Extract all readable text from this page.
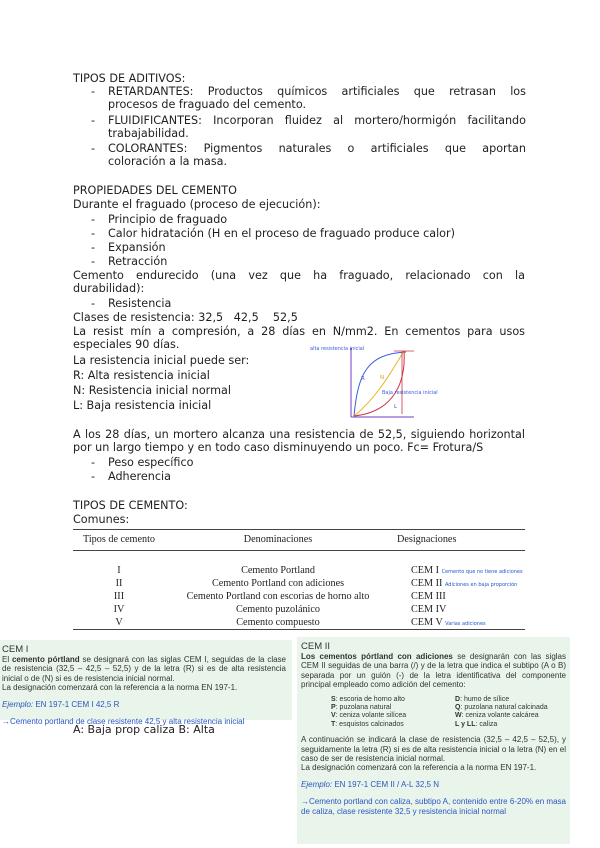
TIPOS DE ADITIVOS:
- RETARDANTES: Productos químicos artificiales que retrasan los
procesos de fraguado del cemento.
- FLUIDIFICANTES: Incorporan fluidez al mortero/hormigón facilitando
trabajabilidad.
- COLORANTES: Pigmentos naturales o artificiales que aportan
coloración a la masa.
PROPIEDADES DEL CEMENTO
Durante el fraguado (proceso de ejecución):
- Principio de fraguado
- Calor hidratación (H en el proceso de fraguado produce calor)
- Expansión
- Retracción
Cemento endurecido (una vez que ha fraguado, relacionado con la
durabilidad):
- Resistencia
Clases de resistencia: 32,5   42,5    52,5
La resist mín a compresión, a 28 días en N/mm2. En cementos para usos
especiales 90 días.
La resistencia inicial puede ser:
R: Alta resistencia inicial
N: Resistencia inicial normal
L: Baja resistencia inicial
alta resistencia inicial
R	N
Baja resistencia inicial
L
A los 28 días, un mortero alcanza una resistencia de 52,5, siguiendo horizontal
por un largo tiempo y en todo caso disminuyendo un poco. Fc= Frotura/S
- Peso específico
- Adherencia
TIPOS DE CEMENTO:
Comunes:
Tipos de cemento	Denominaciones	Designaciones

I	Cemento Portland	CEM I Cemento que no tiene adiciones
II	Cemento Portland con adiciones	CEM II Adiciones en baja proporción
III	Cemento Portland con escorias de horno alto	CEM III
IV	Cemento puzolánico	CEM IV
V	Cemento compuesto	CEM V Varias adiciones

CEM I

El cemento pórtland se designará con las siglas CEM I, seguidas de la clase de resistencia (32,5 – 42,5 – 52,5) y de la letra (R) si es de alta resistencia inicial o de (N) si es de resistencia inicial normal.

La designación comenzará con la referencia a la norma EN 197-1.

Ejemplo: EN 197-1 CEM I 42,5 R

→Cemento portland de clase resistente 42,5 y alta resistencia inicial

A: Baja prop caliza B: Alta

CEM II

Los cementos pórtland con adiciones se designarán con las siglas CEM II seguidas de una barra (/) y de la letra que indica el subtipo (A o B) separada por un guión (-) de la letra identificativa del componente principal empleado como adición del cemento:

S: escoria de horno alto	D: humo de sílice
P: puzolana natural	Q: puzolana natural calcinada
V: ceniza volante silícea	W: ceniza volante calcárea
T: esquistos calcinados	L y LL: caliza

A continuación se indicará la clase de resistencia (32,5 – 42,5 – 52,5), y seguidamente la letra (R) si es de alta resistencia inicial o la letra (N) en el caso de ser de resistencia inicial normal.

La designación comenzará con la referencia a la norma EN 197-1.

Ejemplo: EN 197-1 CEM II / A-L 32,5 N

→Cemento portland con caliza, subtipo A, contenido entre 6-20% en masa de caliza, clase resistente 32,5 y resistencia inicial normal
